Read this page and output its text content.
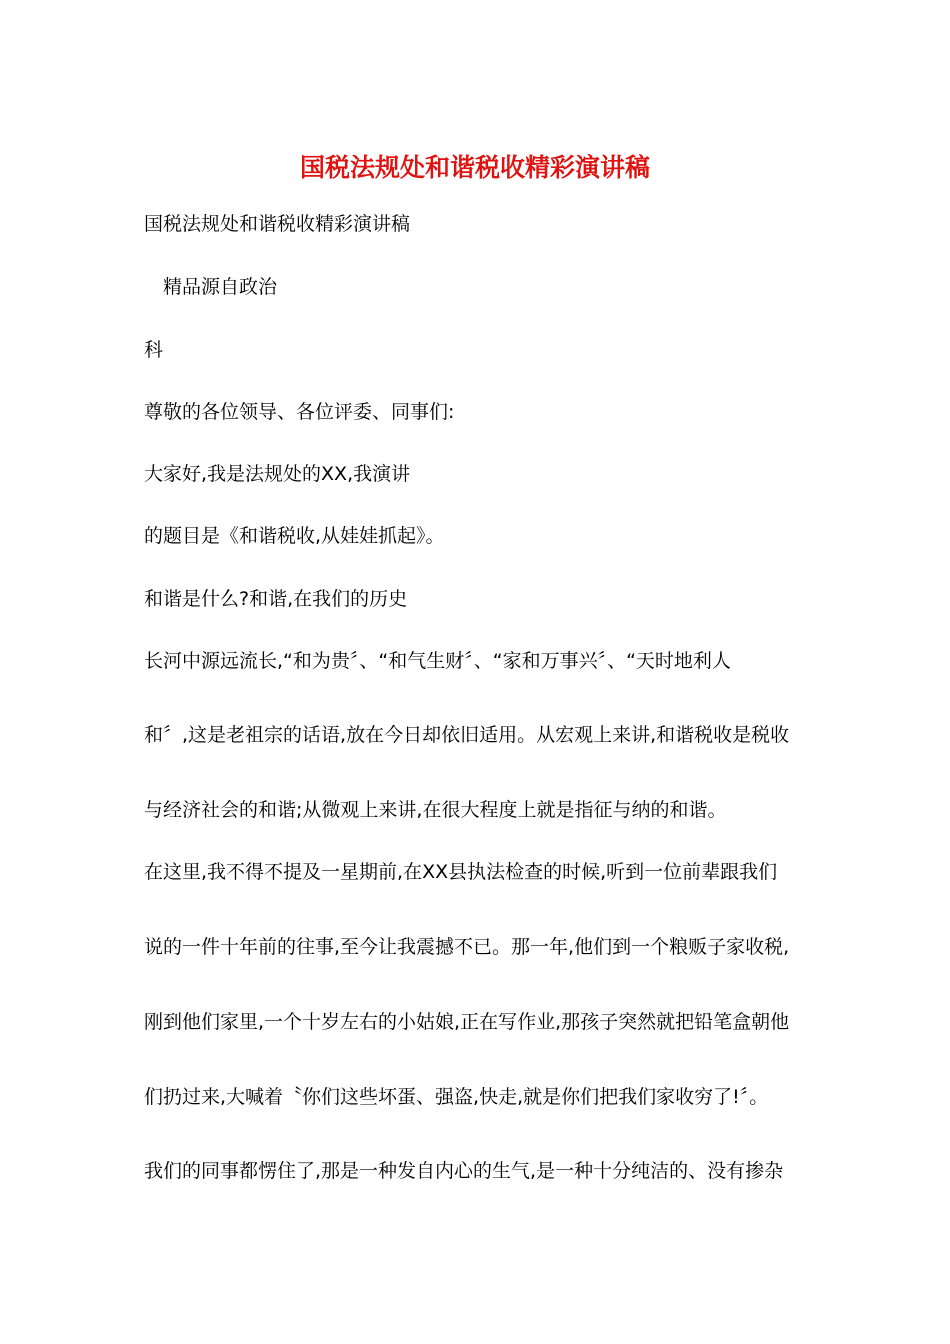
国税法规处和谐税收精彩演讲稿
国税法规处和谐税收精彩演讲稿
精品源自政治
科
尊敬的各位领导、各位评委、同事们:
大家好,我是法规处的XX,我演讲
的题目是《和谐税收,从娃娃抓起》。
和谐是什么?和谐,在我们的历史
长河中源远流长,“和为贵〞、“和气生财〞、“家和万事兴〞、“天时地利人
和〞,这是老祖宗的话语,放在今日却依旧适用。从宏观上来讲,和谐税收是税收
与经济社会的和谐;从微观上来讲,在很大程度上就是指征与纳的和谐。
在这里,我不得不提及一星期前,在XX县执法检查的时候,听到一位前辈跟我们
说的一件十年前的往事,至今让我震撼不已。那一年,他们到一个粮贩子家收税,
刚到他们家里,一个十岁左右的小姑娘,正在写作业,那孩子突然就把铅笔盒朝他
们扔过来,大喊着〝你们这些坏蛋、强盗,快走,就是你们把我们家收穷了!〞。
我们的同事都愣住了,那是一种发自内心的生气,是一种十分纯洁的、没有掺杂
